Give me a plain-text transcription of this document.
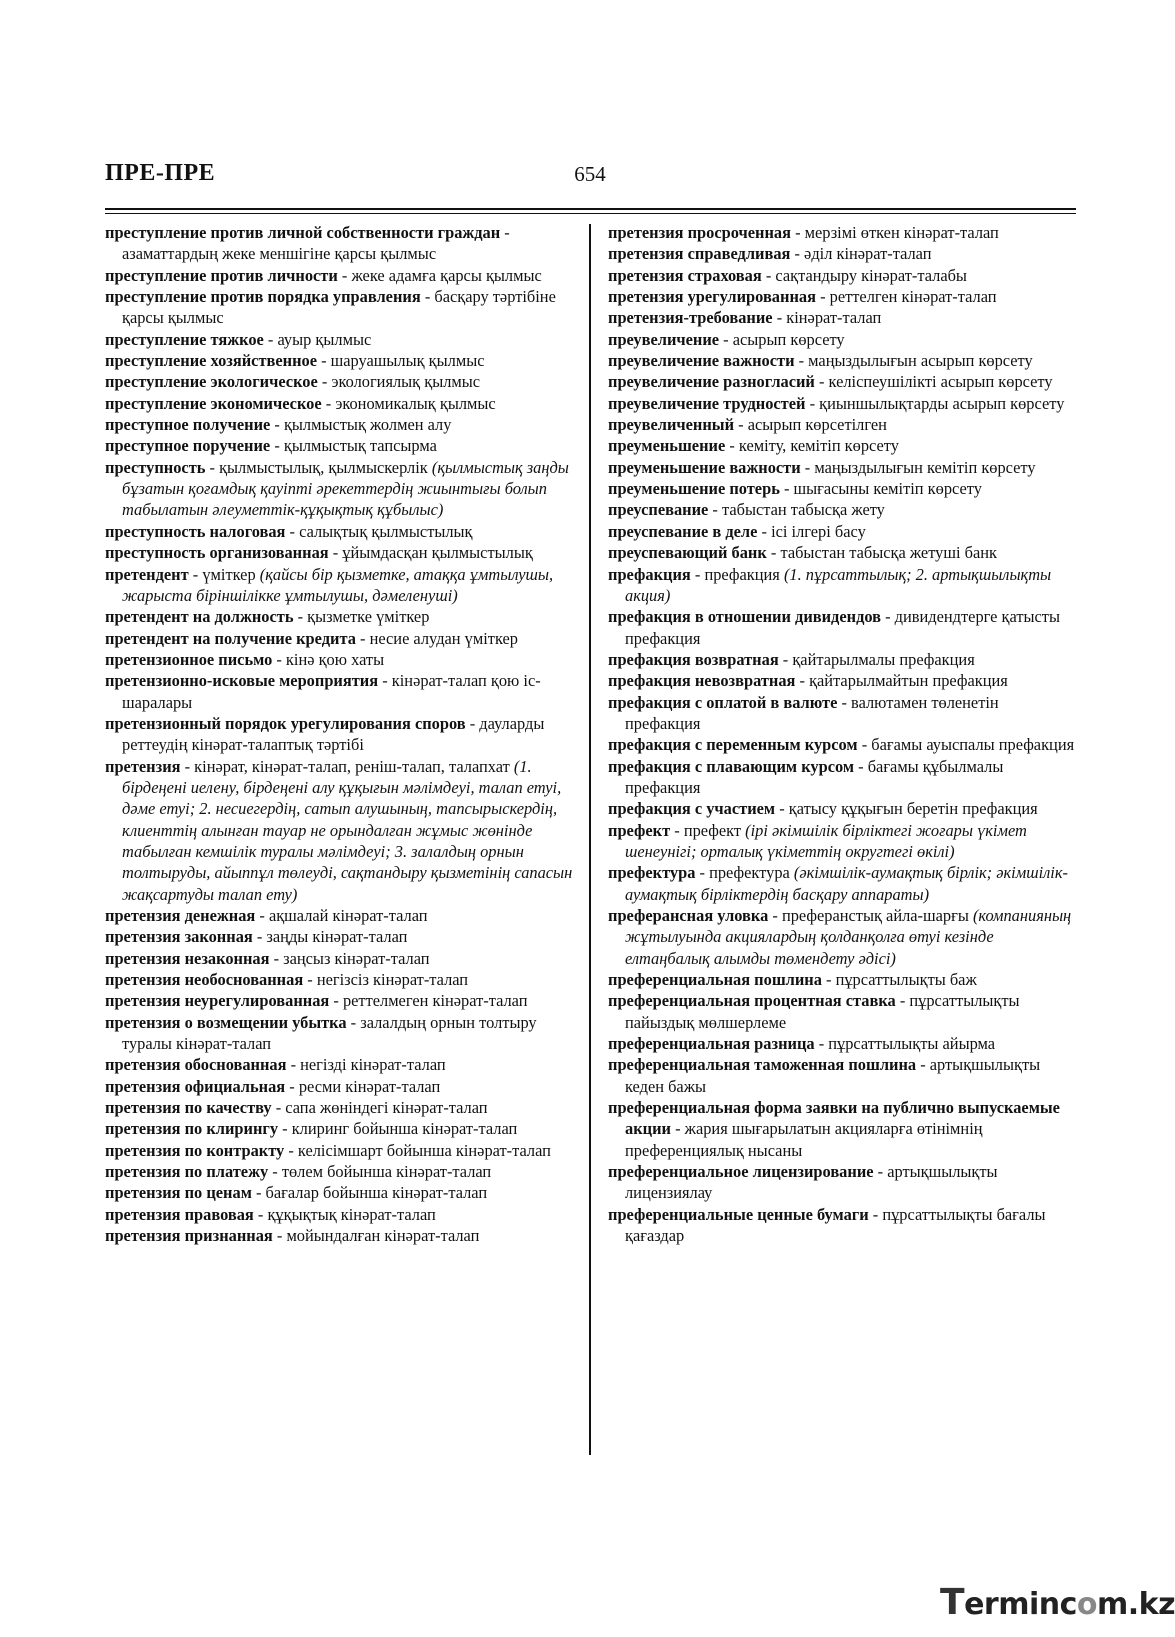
ПРЕ-ПРЕ	654

преступление против личной собственности граждан - азаматтардың жеке меншігіне қарсы қылмыс

преступление против личности - жеке адамға қарсы қылмыс

преступление против порядка управления - басқару тәртібіне қарсы қылмыс

преступление тяжкое - ауыр қылмыс

преступление хозяйственное - шаруашылық қылмыс

преступление экологическое - экологиялық қылмыс

преступление экономическое - экономикалық қылмыс

преступное получение - қылмыстық жолмен алу

преступное поручение - қылмыстық тапсырма

преступность - қылмыстылық, қылмыскерлік (қылмыстық заңды бұзатын қоғамдық қауіпті әрекеттердің жиынтығы болып табылатын әлеуметтік-құқықтық құбылыс)

преступность налоговая - салықтық қылмыстылық

преступность организованная - ұйымдасқан қылмыстылық

претендент - үміткер (қайсы бір қызметке, атаққа ұмтылушы, жарыста біріншілікке ұмтылушы, дәмеленуші)

претендент на должность - қызметке үміткер

претендент на получение кредита - несие алудан үміткер

претензионное письмо - кінә қою хаты

претензионно-исковые мероприятия - кінәрат-талап қою іс-шаралары

претензионный порядок урегулирования споров - дауларды реттеудің кінәрат-талаптық тәртібі

претензия - кінәрат, кінәрат-талап, реніш-талап, талапхат (1. бірдеңені иелену, бірдеңені алу құқығын мәлімдеуі, талап етуі, дәме етуі; 2. несиегердің, сатып алушының, тапсырыскердің, клиенттің алынған тауар не орындалған жұмыс жөнінде табылған кемшілік туралы мәлімдеуі; 3. залалдың орнын толтыруды, айыппұл төлеуді, сақтандыру қызметінің сапасын жақсартуды талап ету)

претензия денежная - ақшалай кінәрат-талап

претензия законная - заңды кінәрат-талап

претензия незаконная - заңсыз кінәрат-талап

претензия необоснованная - негізсіз кінәрат-талап

претензия неурегулированная - реттелмеген кінәрат-талап

претензия о возмещении убытка - залалдың орнын толтыру туралы кінәрат-талап

претензия обоснованная - негізді кінәрат-талап

претензия официальная - ресми кінәрат-талап

претензия по качеству - сапа жөніндегі кінәрат-талап

претензия по клирингу - клиринг бойынша кінәрат-талап

претензия по контракту - келісімшарт бойынша кінәрат-талап

претензия по платежу - төлем бойынша кінәрат-талап

претензия по ценам - бағалар бойынша кінәрат-талап

претензия правовая - құқықтық кінәрат-талап

претензия признанная - мойындалған кінәрат-талап

претензия просроченная - мерзімі өткен кінәрат-талап

претензия справедливая - әділ кінәрат-талап

претензия страховая - сақтандыру кінәрат-талабы

претензия урегулированная - реттелген кінәрат-талап

претензия-требование - кінәрат-талап

преувеличение - асырып көрсету

преувеличение важности - маңыздылығын асырып көрсету

преувеличение разногласий - келіспеушілікті асырып көрсету

преувеличение трудностей - қиыншылықтарды асырып көрсету

преувеличенный - асырып көрсетілген

преуменьшение - кеміту, кемітіп көрсету

преуменьшение важности - маңыздылығын кемітіп көрсету

преуменьшение потерь - шығасыны кемітіп көрсету

преуспевание - табыстан табысқа жету

преуспевание в деле - ісі ілгері басу

преуспевающий банк - табыстан табысқа жетуші банк

префакция - префакция (1. пұрсаттылық; 2. артықшылықты акция)

префакция в отношении дивидендов - дивидендтерге қатысты префакция

префакция возвратная - қайтарылмалы префакция

префакция невозвратная - қайтарылмайтын префакция

префакция с оплатой в валюте - валютамен төленетін префакция

префакция с переменным курсом - бағамы ауыспалы префакция

префакция с плавающим курсом - бағамы құбылмалы префакция

префакция с участием - қатысу құқығын беретін префакция

префект - префект (ірі әкімшілік бірліктегі жоғары үкімет шенеунігі; орталық үкіметтің округтегі өкілі)

префектура - префектура (әкімшілік-аумақтық бірлік; әкімшілік-аумақтық бірліктердің басқару аппараты)

преферансная уловка - преферанстық айла-шарғы (компанияның жұтылуында акциялардың қолданқолға өтуі кезінде елтаңбалық алымды төмендету әдісі)

преференциальная пошлина - пұрсаттылықты баж

преференциальная процентная ставка - пұрсаттылықты пайыздық мөлшерлеме

преференциальная разница - пұрсаттылықты айырма

преференциальная таможенная пошлина - артықшылықты кеден бажы

преференциальная форма заявки на публично выпускаемые акции - жария шығарылатын акцияларға өтінімнің преференциялық нысаны

преференциальное лицензирование - артықшылықты лицензиялау

преференциальные ценные бумаги - пұрсаттылықты бағалы қағаздар

Termincom.kz
